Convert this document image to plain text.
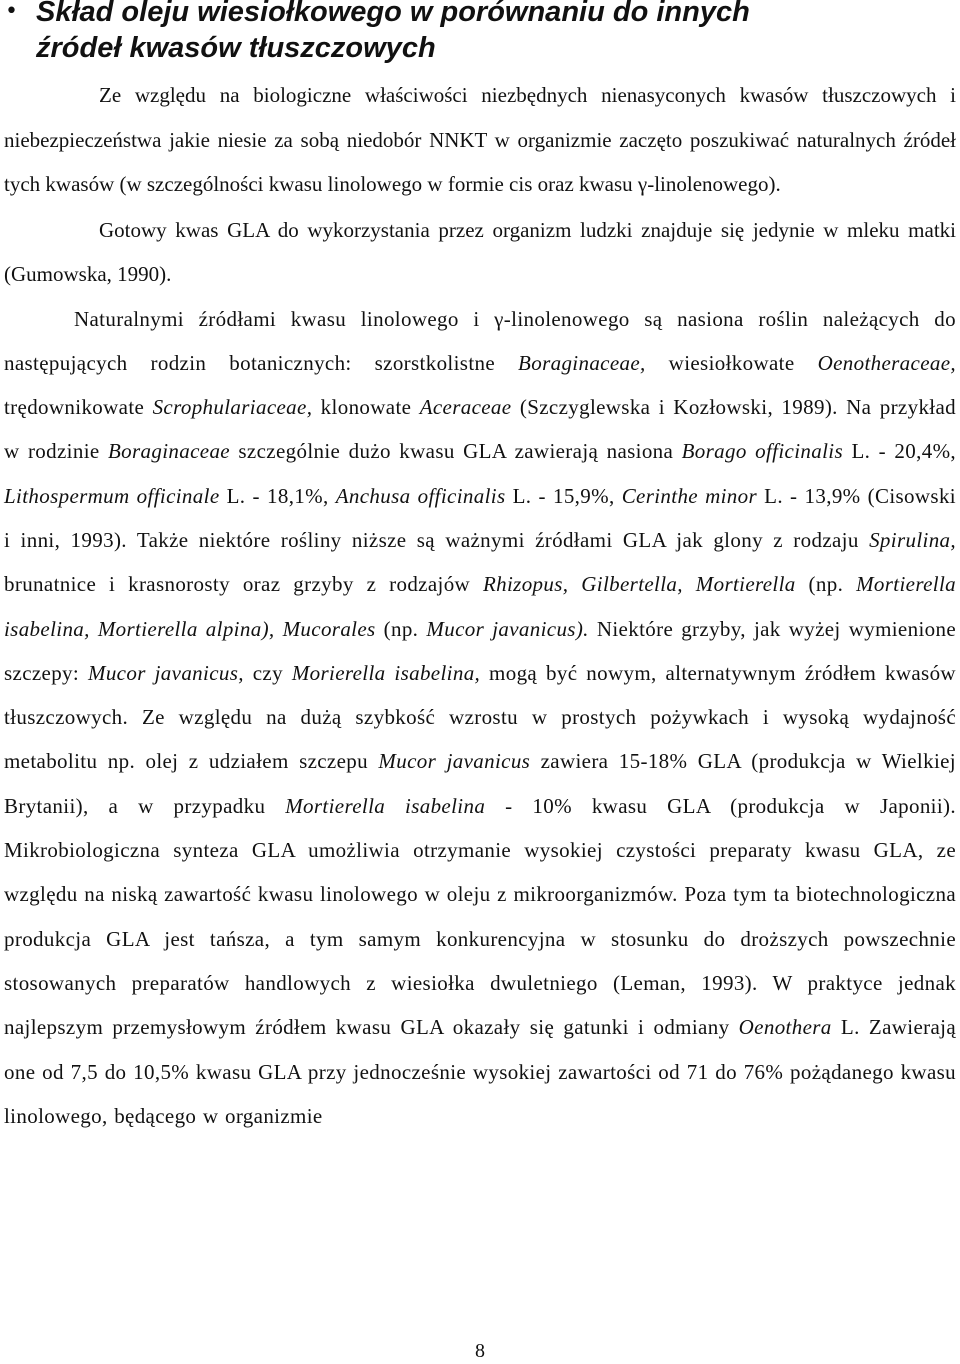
• Skład oleju wiesiołkowego w porównaniu do innych
źródeł kwasów tłuszczowych

Ze względu na biologiczne właściwości niezbędnych nienasyconych kwasów tłuszczowych i niebezpieczeństwa jakie niesie za sobą niedobór NNKT w organizmie zaczęto poszukiwać naturalnych źródeł tych kwasów (w szczególności kwasu linolowego w formie cis oraz kwasu γ-linolenowego).

Gotowy kwas GLA do wykorzystania przez organizm ludzki znajduje się jedynie w mleku matki (Gumowska, 1990).

Naturalnymi źródłami kwasu linolowego i γ-linolenowego są nasiona roślin należących do następujących rodzin botanicznych: szorstkolistne Boraginaceae, wiesiołkowate Oenotheraceae, trędownikowate Scrophulariaceae, klonowate Aceraceae (Szczyglewska i Kozłowski, 1989). Na przykład w rodzinie Boraginaceae szczególnie dużo kwasu GLA zawierają nasiona Borago officinalis L. - 20,4%, Lithospermum officinale L. - 18,1%, Anchusa officinalis L. - 15,9%, Cerinthe minor L. - 13,9% (Cisowski i inni, 1993). Także niektóre rośliny niższe są ważnymi źródłami GLA jak glony z rodzaju Spirulina, brunatnice i krasnorosty oraz grzyby z rodzajów Rhizopus, Gilbertella, Mortierella (np. Mortierella isabelina, Mortierella alpina), Mucorales (np. Mucor javanicus). Niektóre grzyby, jak wyżej wymienione szczepy: Mucor javanicus, czy Morierella isabelina, mogą być nowym, alternatywnym źródłem kwasów tłuszczowych. Ze względu na dużą szybkość wzrostu w prostych pożywkach i wysoką wydajność metabolitu np. olej z udziałem szczepu Mucor javanicus zawiera 15-18% GLA (produkcja w Wielkiej Brytanii), a w przypadku Mortierella isabelina - 10% kwasu GLA (produkcja w Japonii). Mikrobiologiczna synteza GLA umożliwia otrzymanie wysokiej czystości preparaty kwasu GLA, ze względu na niską zawartość kwasu linolowego w oleju z mikroorganizmów. Poza tym ta biotechnologiczna produkcja GLA jest tańsza, a tym samym konkurencyjna w stosunku do droższych powszechnie stosowanych preparatów handlowych z wiesiołka dwuletniego (Leman, 1993). W praktyce jednak najlepszym przemysłowym źródłem kwasu GLA okazały się gatunki i odmiany Oenothera L. Zawierają one od 7,5 do 10,5% kwasu GLA przy jednocześnie wysokiej zawartości od 71 do 76% pożądanego kwasu linolowego, będącego w organizmie

8
